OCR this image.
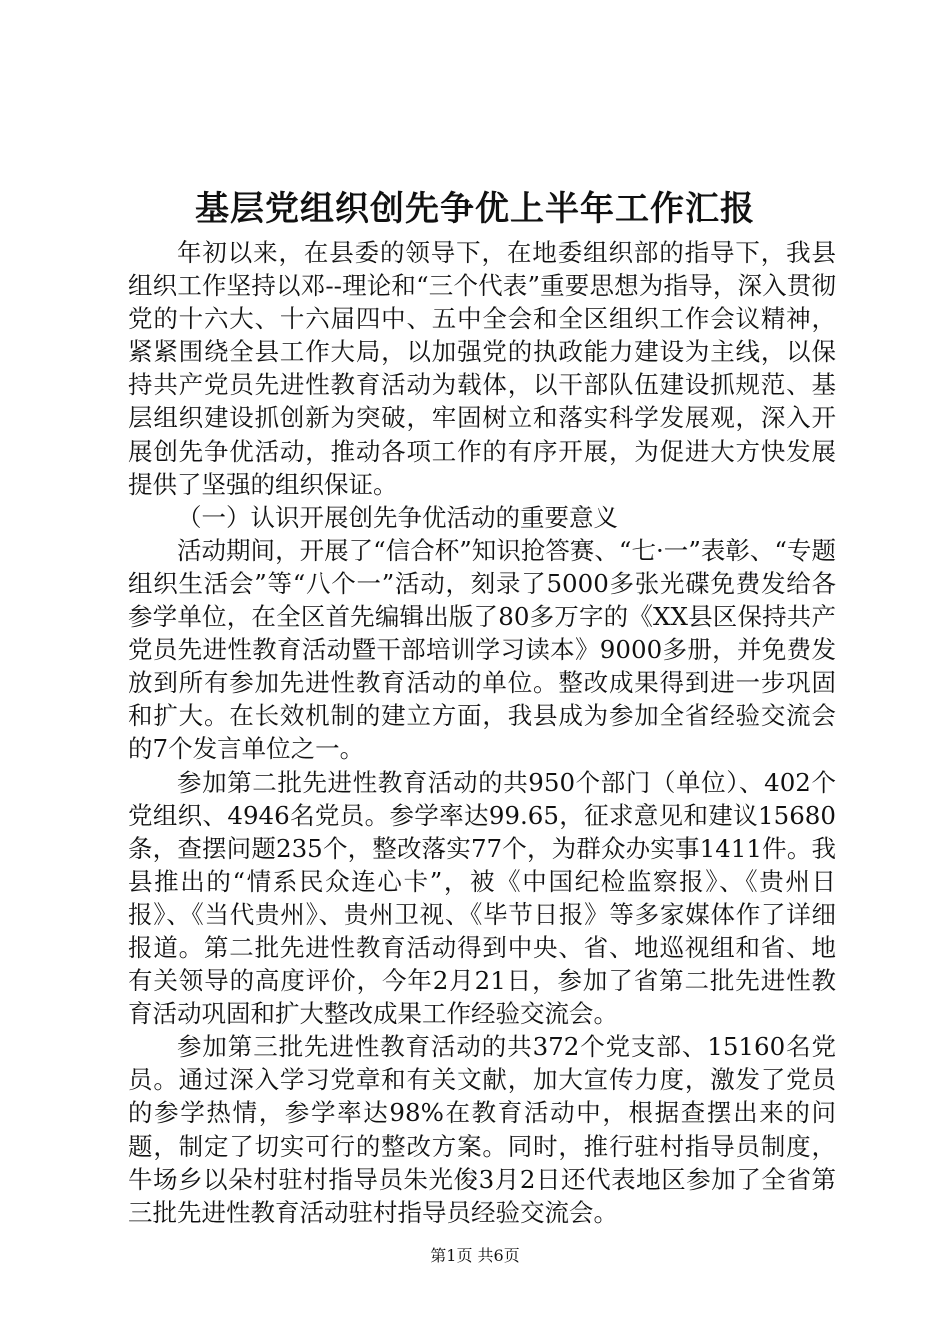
基层党组织创先争优上半年工作汇报

年初以来，在县委的领导下，在地委组织部的指导下，我县组织工作坚持以邓--理论和“三个代表”重要思想为指导，深入贯彻党的十六大、十六届四中、五中全会和全区组织工作会议精神，紧紧围绕全县工作大局，以加强党的执政能力建设为主线，以保持共产党员先进性教育活动为载体，以干部队伍建设抓规范、基层组织建设抓创新为突破，牢固树立和落实科学发展观，深入开展创先争优活动，推动各项工作的有序开展，为促进大方快发展提供了坚强的组织保证。

（一）认识开展创先争优活动的重要意义

活动期间，开展了“信合杯”知识抢答赛、“七·一”表彰、“专题组织生活会”等“八个一”活动，刻录了5000多张光碟免费发给各参学单位，在全区首先编辑出版了80多万字的《XX县区保持共产党员先进性教育活动暨干部培训学习读本》9000多册，并免费发放到所有参加先进性教育活动的单位。整改成果得到进一步巩固和扩大。在长效机制的建立方面，我县成为参加全省经验交流会的7个发言单位之一。

参加第二批先进性教育活动的共950个部门（单位）、402个党组织、4946名党员。参学率达99.65，征求意见和建议15680条，查摆问题235个，整改落实77个，为群众办实事1411件。我县推出的“情系民众连心卡”，被《中国纪检监察报》、《贵州日报》、《当代贵州》、贵州卫视、《毕节日报》等多家媒体作了详细报道。第二批先进性教育活动得到中央、省、地巡视组和省、地有关领导的高度评价，今年2月21日，参加了省第二批先进性教育活动巩固和扩大整改成果工作经验交流会。

参加第三批先进性教育活动的共372个党支部、15160名党员。通过深入学习党章和有关文献，加大宣传力度，激发了党员的参学热情，参学率达98%在教育活动中，根据查摆出来的问题，制定了切实可行的整改方案。同时，推行驻村指导员制度，牛场乡以朵村驻村指导员朱光俊3月2日还代表地区参加了全省第三批先进性教育活动驻村指导员经验交流会。

第1页 共6页
